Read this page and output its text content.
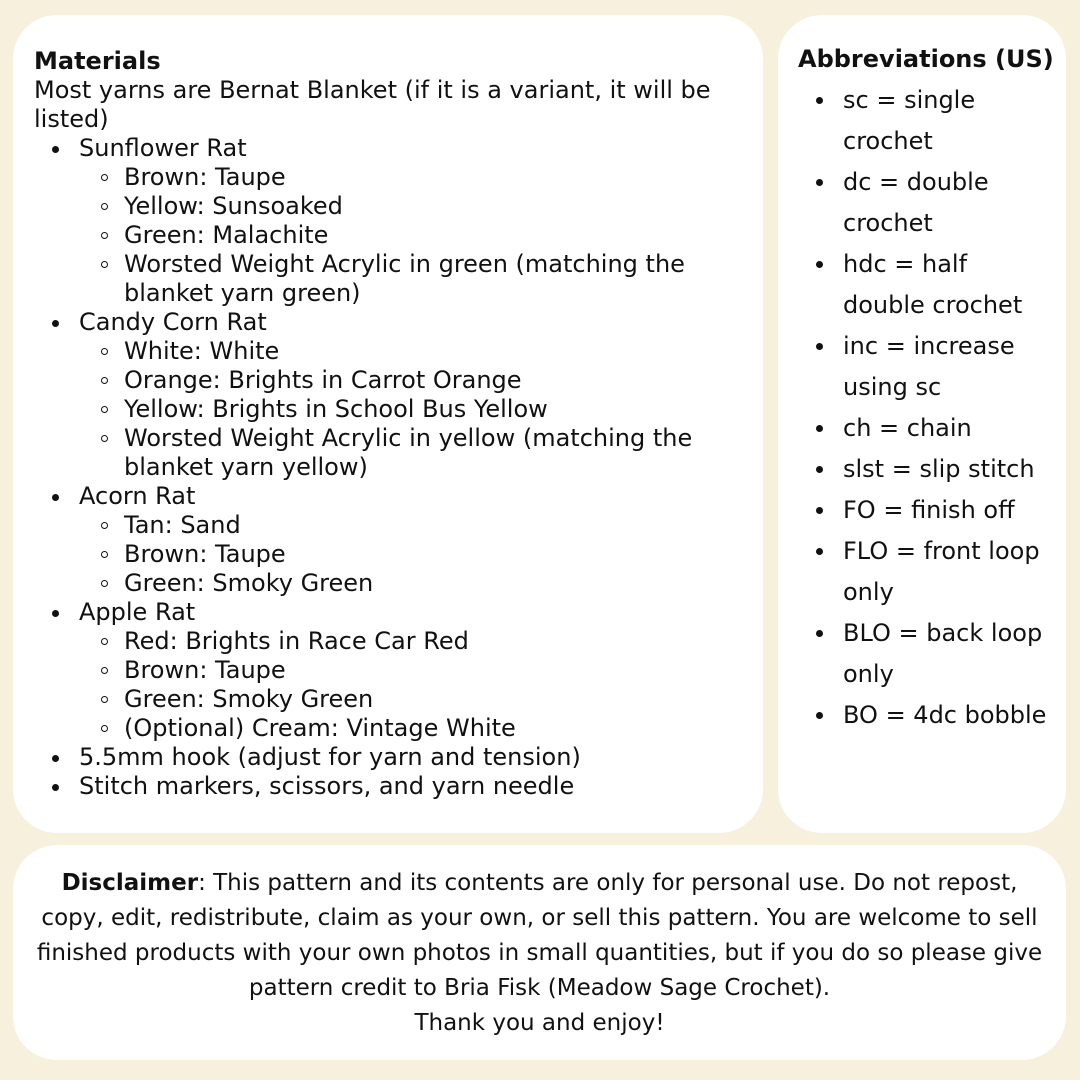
Materials
Most yarns are Bernat Blanket (if it is a variant, it will be listed)
Sunflower Rat
Brown: Taupe
Yellow: Sunsoaked
Green: Malachite
Worsted Weight Acrylic in green (matching the blanket yarn green)
Candy Corn Rat
White: White
Orange: Brights in Carrot Orange
Yellow: Brights in School Bus Yellow
Worsted Weight Acrylic in yellow (matching the blanket yarn yellow)
Acorn Rat
Tan: Sand
Brown: Taupe
Green: Smoky Green
Apple Rat
Red: Brights in Race Car Red
Brown: Taupe
Green: Smoky Green
(Optional) Cream: Vintage White
5.5mm hook (adjust for yarn and tension)
Stitch markers, scissors, and yarn needle
Abbreviations (US)
sc = single crochet
dc = double crochet
hdc = half double crochet
inc = increase using sc
ch = chain
slst = slip stitch
FO = finish off
FLO = front loop only
BLO = back loop only
BO = 4dc bobble
Disclaimer: This pattern and its contents are only for personal use. Do not repost, copy, edit, redistribute, claim as your own, or sell this pattern. You are welcome to sell finished products with your own photos in small quantities, but if you do so please give pattern credit to Bria Fisk (Meadow Sage Crochet).
Thank you and enjoy!
